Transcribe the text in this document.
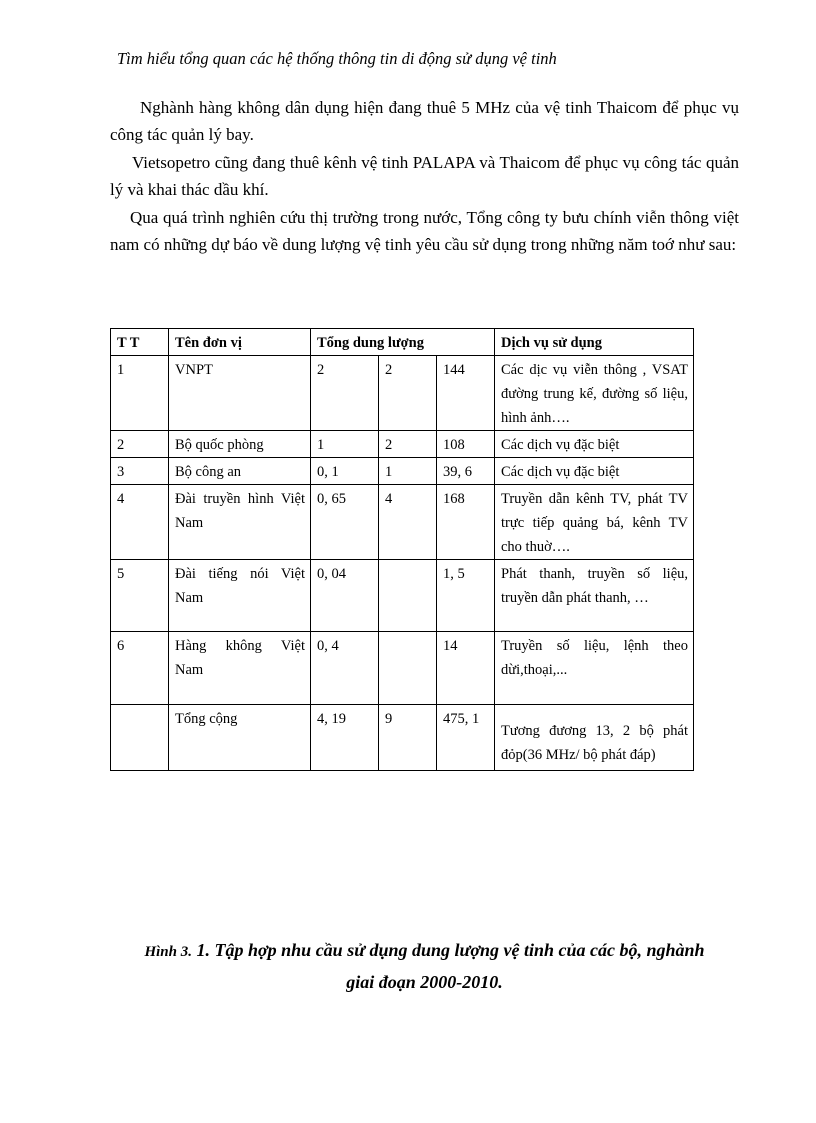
Tìm hiểu tổng quan các hệ thống thông tin di động sử dụng vệ tinh
Nghành hàng không dân dụng hiện đang thuê 5 MHz của vệ tinh Thaicom để phục vụ công tác quản lý bay.
Vietsopetro cũng đang thuê kênh vệ tinh PALAPA và Thaicom để phục vụ công tác quản lý và khai thác dầu khí.
Qua quá trình nghiên cứu thị trường trong nước, Tổng công ty bưu chính viễn thông việt nam có những dự báo về dung lượng vệ tinh yêu cầu sử dụng trong những năm toớ như sau:
T T	Tên đơn vị	Tổng dung lượng			Dịch vụ sử dụng
1	VNPT	2	2	144	Các dịc vụ viễn thông , VSAT đường trung kế, đường số liệu, hình ảnh….
2	Bộ quốc phòng	1	2	108	Các dịch vụ đặc biệt
3	Bộ công an	0, 1	1	39, 6	Các dịch vụ đặc biệt
4	Đài truyền hình Việt Nam	0, 65	4	168	Truyền dẫn kênh TV, phát TV trực tiếp quảng bá, kênh TV cho thuờ….
5	Đài tiếng nói Việt Nam	0, 04		1, 5	Phát thanh, truyền số liệu, truyền dẫn phát thanh, …
6	Hàng không Việt Nam	0, 4		14	Truyền số liệu, lệnh theo dừi,thoại,...
	Tổng cộng	4, 19	9	475, 1	Tương đương 13, 2 bộ phát đỏp(36 MHz/ bộ phát đáp)
Hình 3. 1. Tập hợp nhu cầu sử dụng dung lượng vệ tinh của các bộ, nghành
giai đoạn 2000-2010.
